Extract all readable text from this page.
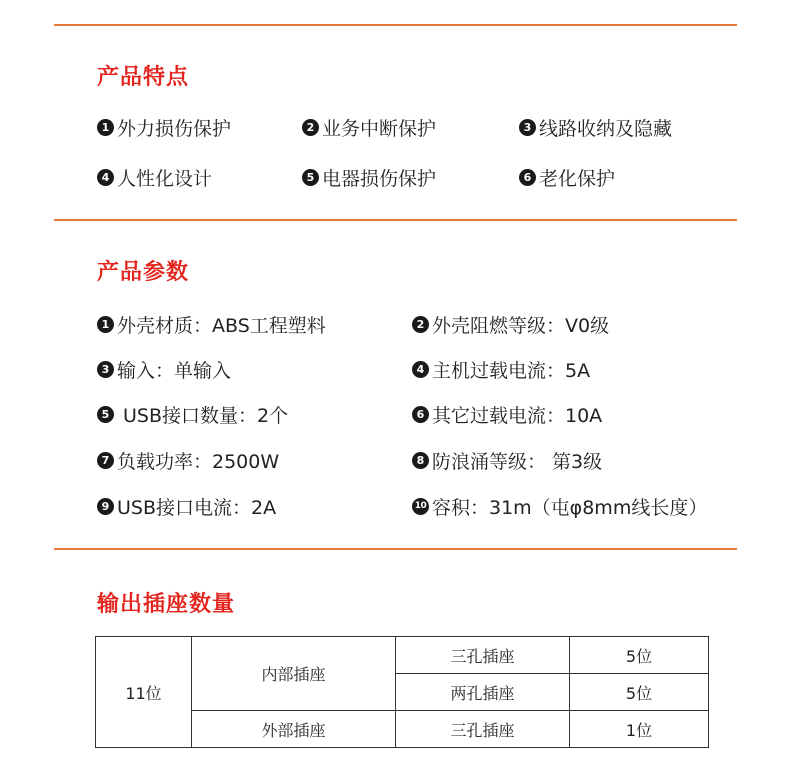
产品特点
1 外力损伤保护	2 业务中断保护	3 线路收纳及隐藏
4 人性化设计	5 电器损伤保护	6 老化保护
产品参数
1 外壳材质：ABS工程塑料	2 外壳阻燃等级：V0级
3 输入：单输入	4 主机过载电流：5A
5 USB接口数量：2个	6 其它过载电流：10A
7 负载功率：2500W	8 防浪涌等级： 第3级
9 USB接口电流：2A	10 容积：31m（屯φ8mm线长度）
输出插座数量
11位	内部插座	三孔插座	5位
		两孔插座	5位
	外部插座	三孔插座	1位
